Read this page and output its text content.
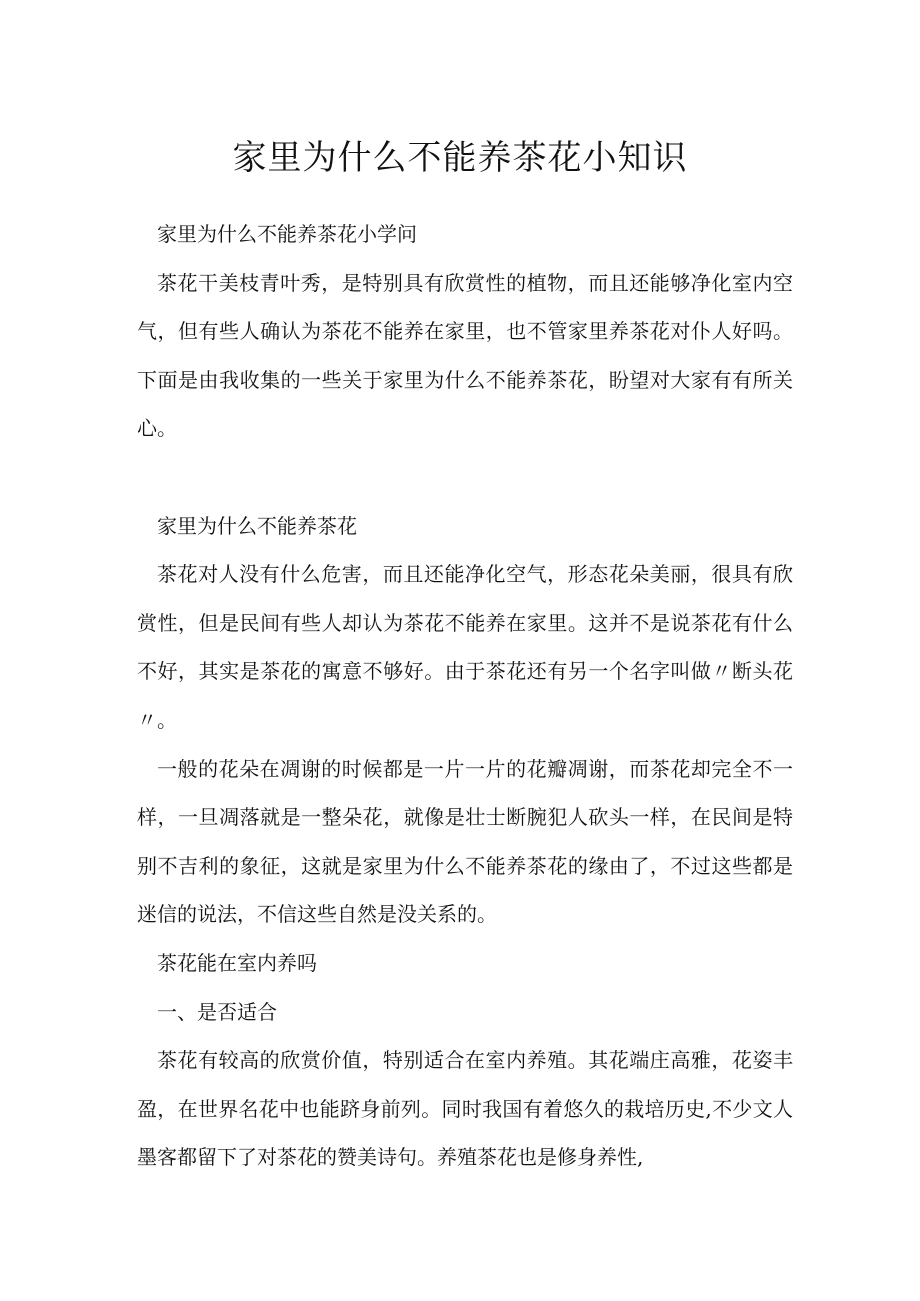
家里为什么不能养茶花小知识

家里为什么不能养茶花小学问

茶花干美枝青叶秀，是特别具有欣赏性的植物，而且还能够净化室内空气，但有些人确认为茶花不能养在家里，也不管家里养茶花对仆人好吗。下面是由我收集的一些关于家里为什么不能养茶花，盼望对大家有有所关心。

家里为什么不能养茶花

茶花对人没有什么危害，而且还能净化空气，形态花朵美丽，很具有欣赏性，但是民间有些人却认为茶花不能养在家里。这并不是说茶花有什么不好，其实是茶花的寓意不够好。由于茶花还有另一个名字叫做〃断头花〃。

一般的花朵在凋谢的时候都是一片一片的花瓣凋谢，而茶花却完全不一样，一旦凋落就是一整朵花，就像是壮士断腕犯人砍头一样，在民间是特别不吉利的象征，这就是家里为什么不能养茶花的缘由了，不过这些都是迷信的说法，不信这些自然是没关系的。

茶花能在室内养吗

一、是否适合

茶花有较高的欣赏价值，特别适合在室内养殖。其花端庄高雅，花姿丰盈，在世界名花中也能跻身前列。同时我国有着悠久的栽培历史,不少文人墨客都留下了对茶花的赞美诗句。养殖茶花也是修身养性,
